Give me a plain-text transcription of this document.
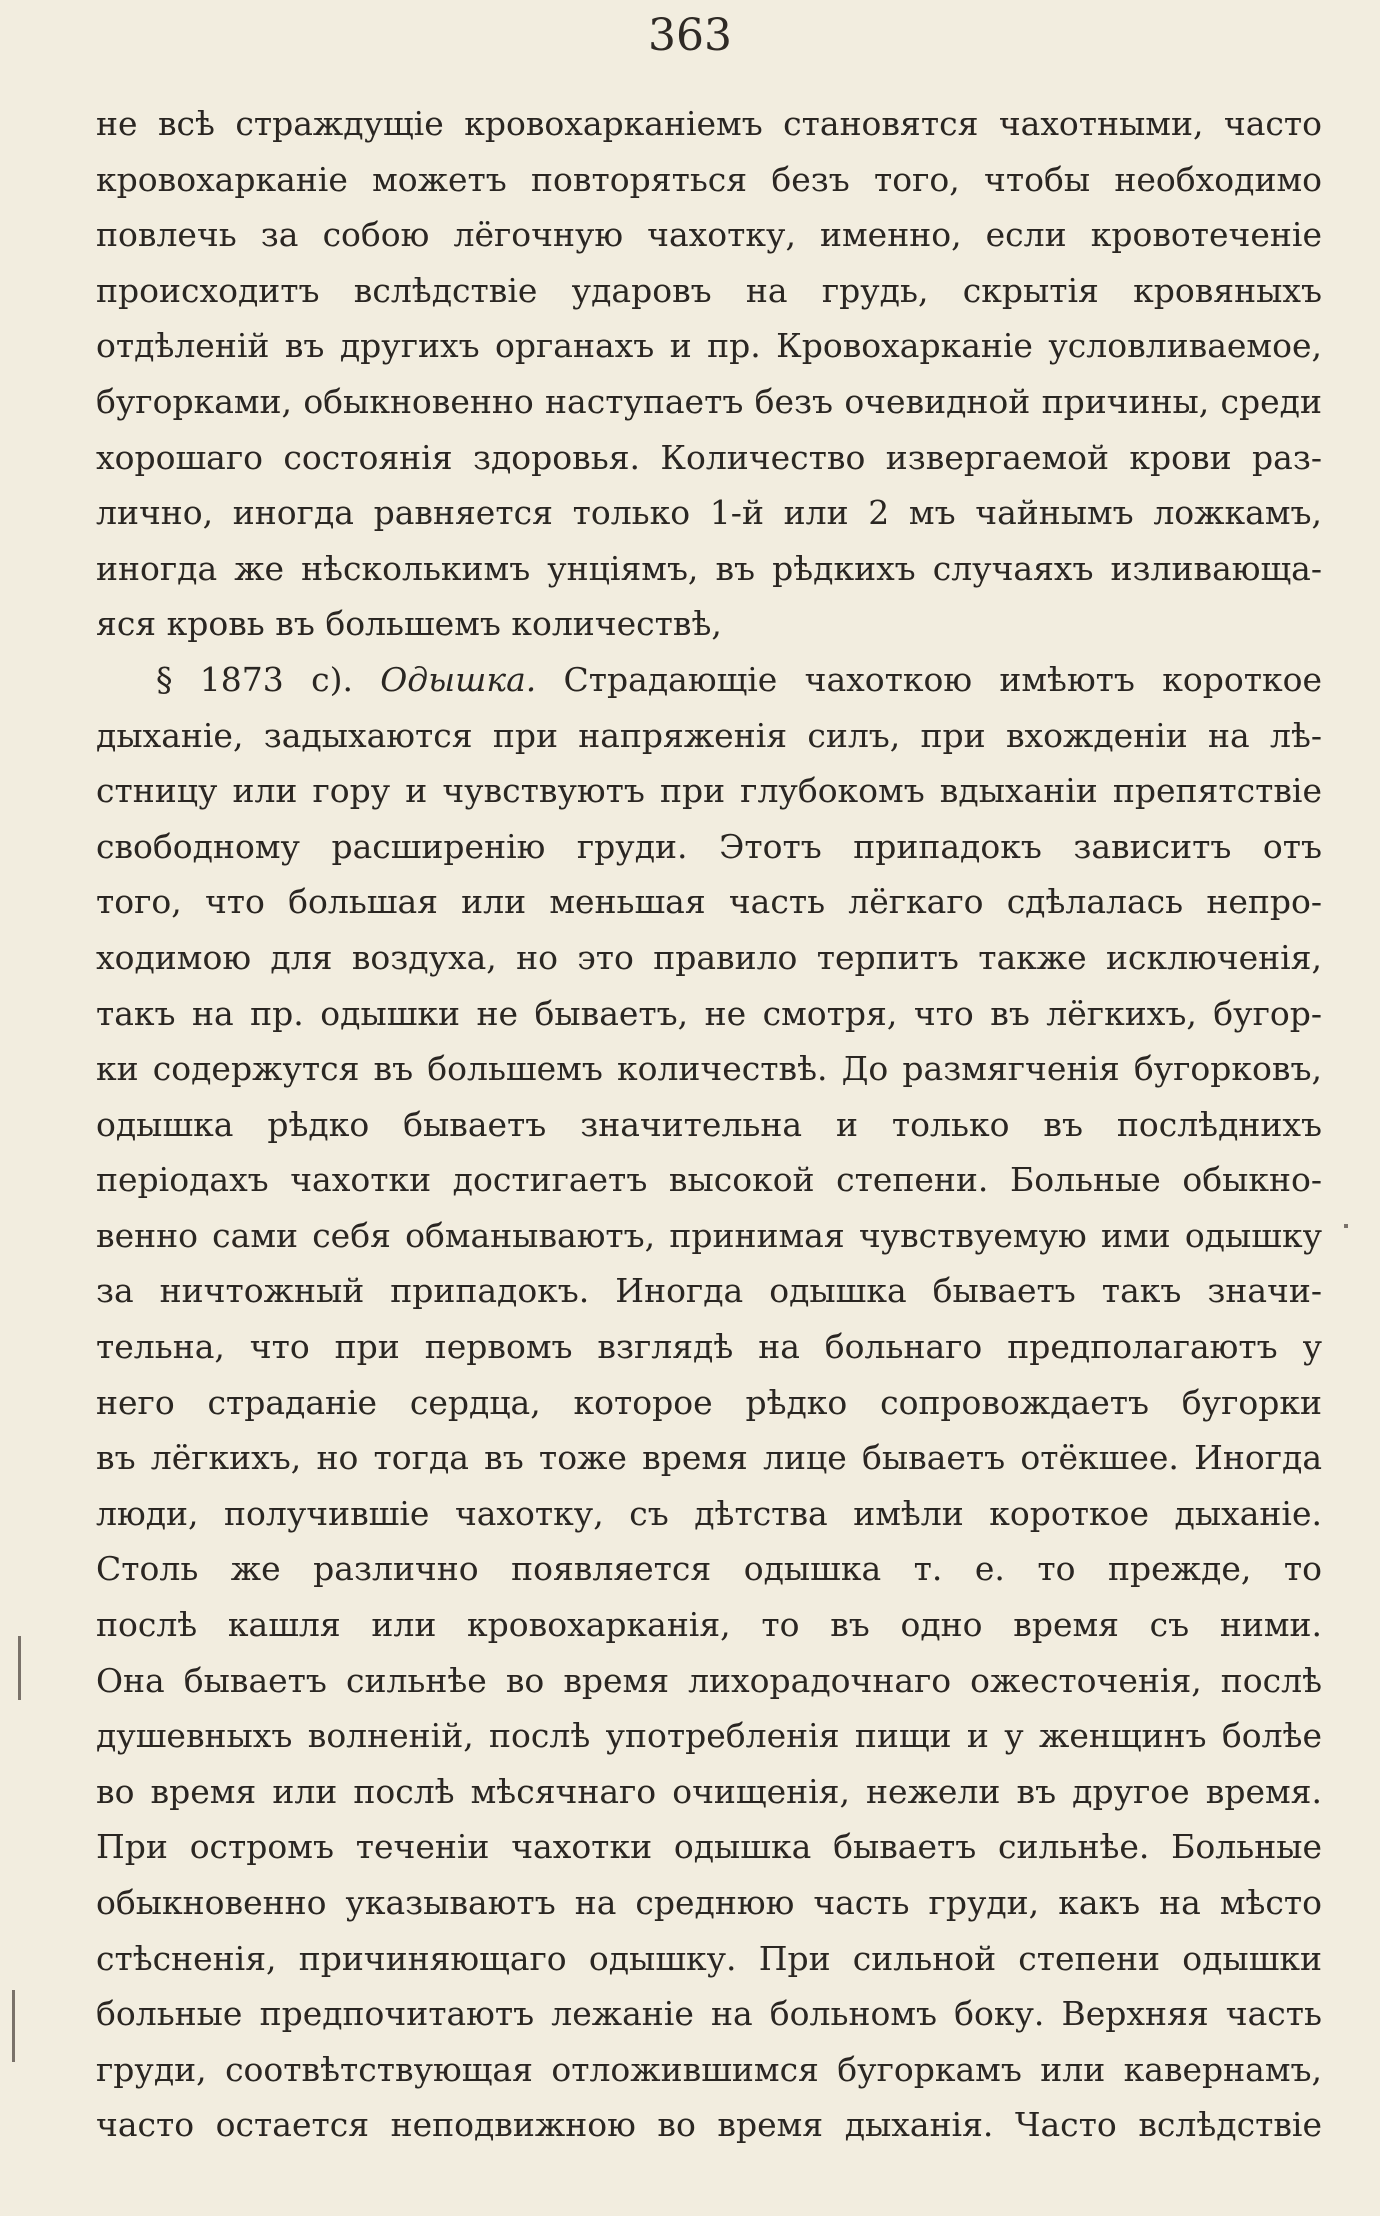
363
не всѣ страждущіе кровохарканіемъ становятся чахотными, часто
кровохарканіе можетъ повторяться безъ того, чтобы необходимо
повлечь за собою лёгочную чахотку, именно, если кровотеченіе
происходитъ вслѣдствіе ударовъ на грудь, скрытія кровяныхъ
отдѣленій въ другихъ органахъ и пр. Кровохарканіе условливаемое,
бугорками, обыкновенно наступаетъ безъ очевидной причины, среди
хорошаго состоянія здоровья. Количество извергаемой крови раз-
лично, иногда равняется только 1-й или 2 мъ чайнымъ ложкамъ,
иногда же нѣсколькимъ унціямъ, въ рѣдкихъ случаяхъ изливающа-
яся кровь въ большемъ количествѣ,
§ 1873 с). Одышка. Страдающіе чахоткою имѣютъ короткое
дыханіе, задыхаются при напряженія силъ, при вхожденіи на лѣ-
стницу или гору и чувствуютъ при глубокомъ вдыханіи препятствіе
свободному расширенію груди. Этотъ припадокъ зависитъ отъ
того, что большая или меньшая часть лёгкаго сдѣлалась непро-
ходимою для воздуха, но это правило терпитъ также исключенія,
такъ на пр. одышки не бываетъ, не смотря, что въ лёгкихъ, бугор-
ки содержутся въ большемъ количествѣ. До размягченія бугорковъ,
одышка рѣдко бываетъ значительна и только въ послѣднихъ
періодахъ чахотки достигаетъ высокой степени. Больные обыкно-
венно сами себя обманываютъ, принимая чувствуемую ими одышку
за ничтожный припадокъ. Иногда одышка бываетъ такъ значи-
тельна, что при первомъ взглядѣ на больнаго предполагаютъ у
него страданіе сердца, которое рѣдко сопровождаетъ бугорки
въ лёгкихъ, но тогда въ тоже время лице бываетъ отёкшее. Иногда
люди, получившіе чахотку, съ дѣтства имѣли короткое дыханіе.
Столь же различно появляется одышка т. е. то прежде, то
послѣ кашля или кровохарканія, то въ одно время съ ними.
Она бываетъ сильнѣе во время лихорадочнаго ожесточенія, послѣ
душевныхъ волненій, послѣ употребленія пищи и у женщинъ болѣе
во время или послѣ мѣсячнаго очищенія, нежели въ другое время.
При остромъ теченіи чахотки одышка бываетъ сильнѣе. Больные
обыкновенно указываютъ на среднюю часть груди, какъ на мѣсто
стѣсненія, причиняющаго одышку. При сильной степени одышки
больные предпочитаютъ лежаніе на больномъ боку. Верхняя часть
груди, соотвѣтствующая отложившимся бугоркамъ или кавернамъ,
часто остается неподвижною во время дыханія. Часто вслѣдствіе
